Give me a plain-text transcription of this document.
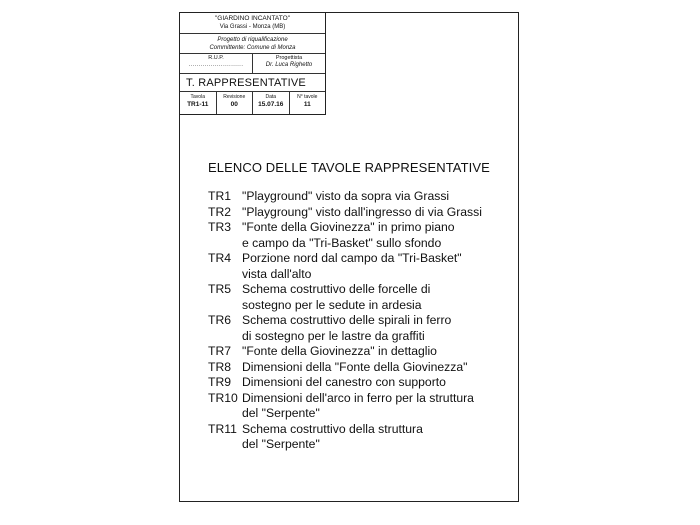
"GIARDINO INCANTATO"
Via Grassi - Monza (MB)
Progetto di riqualificazione
Committente: Comune di Monza
R.U.P.
...........................
Progettista
Dr. Luca Righetto
T. RAPPRESENTATIVE
Tavola
TR1-11
Revisione
00
Data
15.07.16
N° tavole
11
ELENCO DELLE TAVOLE RAPPRESENTATIVE
TR1 "Playground" visto da sopra via Grassi
TR2 "Playgroung" visto dall'ingresso di via Grassi
TR3 "Fonte della Giovinezza" in primo piano
e campo da "Tri-Basket" sullo sfondo
TR4 Porzione nord dal campo da "Tri-Basket"
vista dall'alto
TR5 Schema costruttivo delle forcelle di
sostegno per le sedute in ardesia
TR6 Schema costruttivo delle spirali in ferro
di sostegno per le lastre da graffiti
TR7 "Fonte della Giovinezza" in dettaglio
TR8 Dimensioni della "Fonte della Giovinezza"
TR9 Dimensioni del canestro con supporto
TR10 Dimensioni dell'arco in ferro per la struttura
del "Serpente"
TR11 Schema costruttivo della struttura
del "Serpente"
